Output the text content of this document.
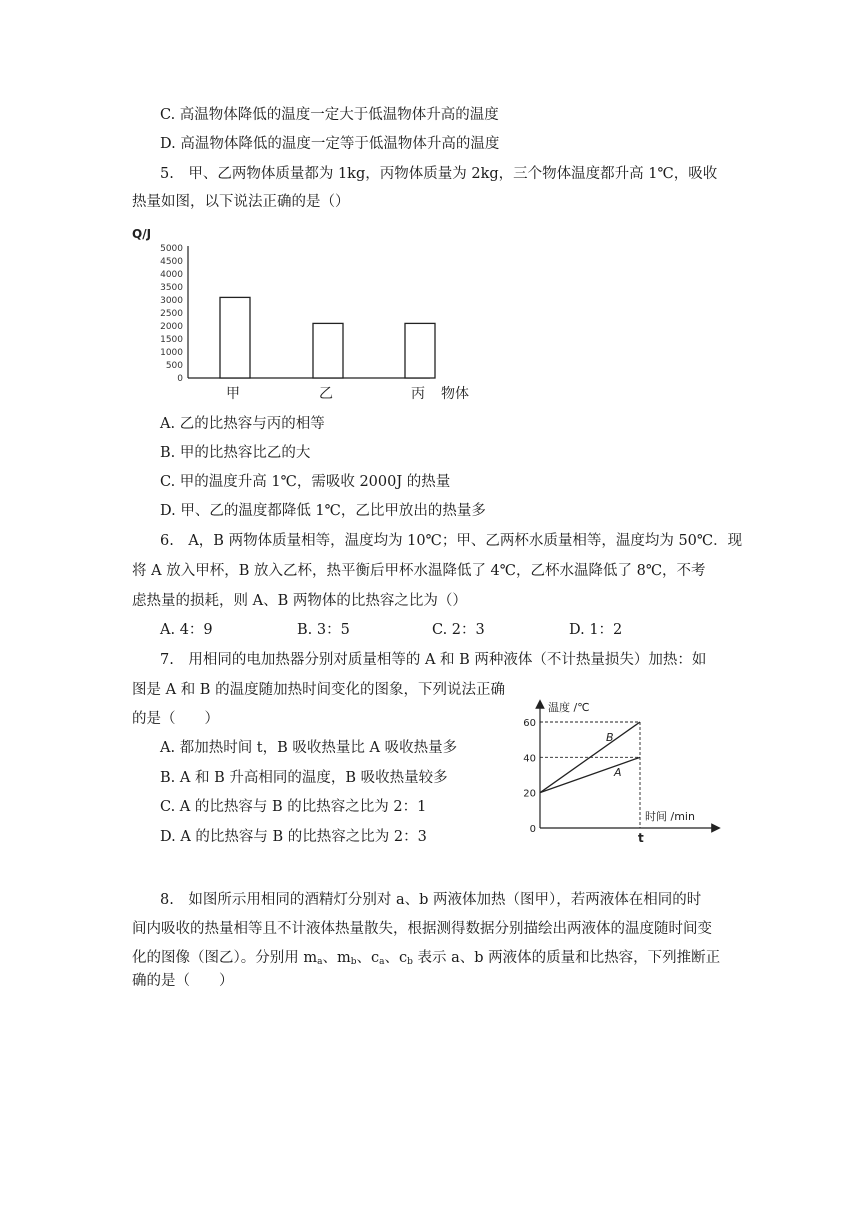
C. 高温物体降低的温度一定大于低温物体升高的温度
D. 高温物体降低的温度一定等于低温物体升高的温度
5.　甲、乙两物体质量都为 1kg，丙物体质量为 2kg，三个物体温度都升高 1℃，吸收
热量如图，以下说法正确的是（）
Q/J
0
500
1000
1500
2000
2500
3000
3500
4000
4500
5000
甲	乙	丙 物体
A. 乙的比热容与丙的相等
B. 甲的比热容比乙的大
C. 甲的温度升高 1℃，需吸收 2000J 的热量
D. 甲、乙的温度都降低 1℃，乙比甲放出的热量多
6.　A，B 两物体质量相等，温度均为 10℃；甲、乙两杯水质量相等，温度均为 50℃．现
将 A 放入甲杯，B 放入乙杯，热平衡后甲杯水温降低了 4℃，乙杯水温降低了 8℃，不考
虑热量的损耗，则 A、B 两物体的比热容之比为（）
A. 4：9	B. 3：5	C. 2：3	D. 1：2
7.　用相同的电加热器分别对质量相等的 A 和 B 两种液体（不计热量损失）加热：如
图是 A 和 B 的温度随加热时间变化的图象，下列说法正确
的是（　　）
A. 都加热时间 t，B 吸收热量比 A 吸收热量多
B. A 和 B 升高相同的温度，B 吸收热量较多
C. A 的比热容与 B 的比热容之比为 2：1
D. A 的比热容与 B 的比热容之比为 2：3
温度 /℃
时间 /min
0
20
40
60
A
B
t
8.　如图所示用相同的酒精灯分别对 a、b 两液体加热（图甲），若两液体在相同的时
间内吸收的热量相等且不计液体热量散失，根据测得数据分别描绘出两液体的温度随时间变
化的图像（图乙）。分别用 $m_a$、$m_b$、$c_a$、$c_b$ 表示 a、b 两液体的质量和比热容，下列推断正
确的是（　　）
